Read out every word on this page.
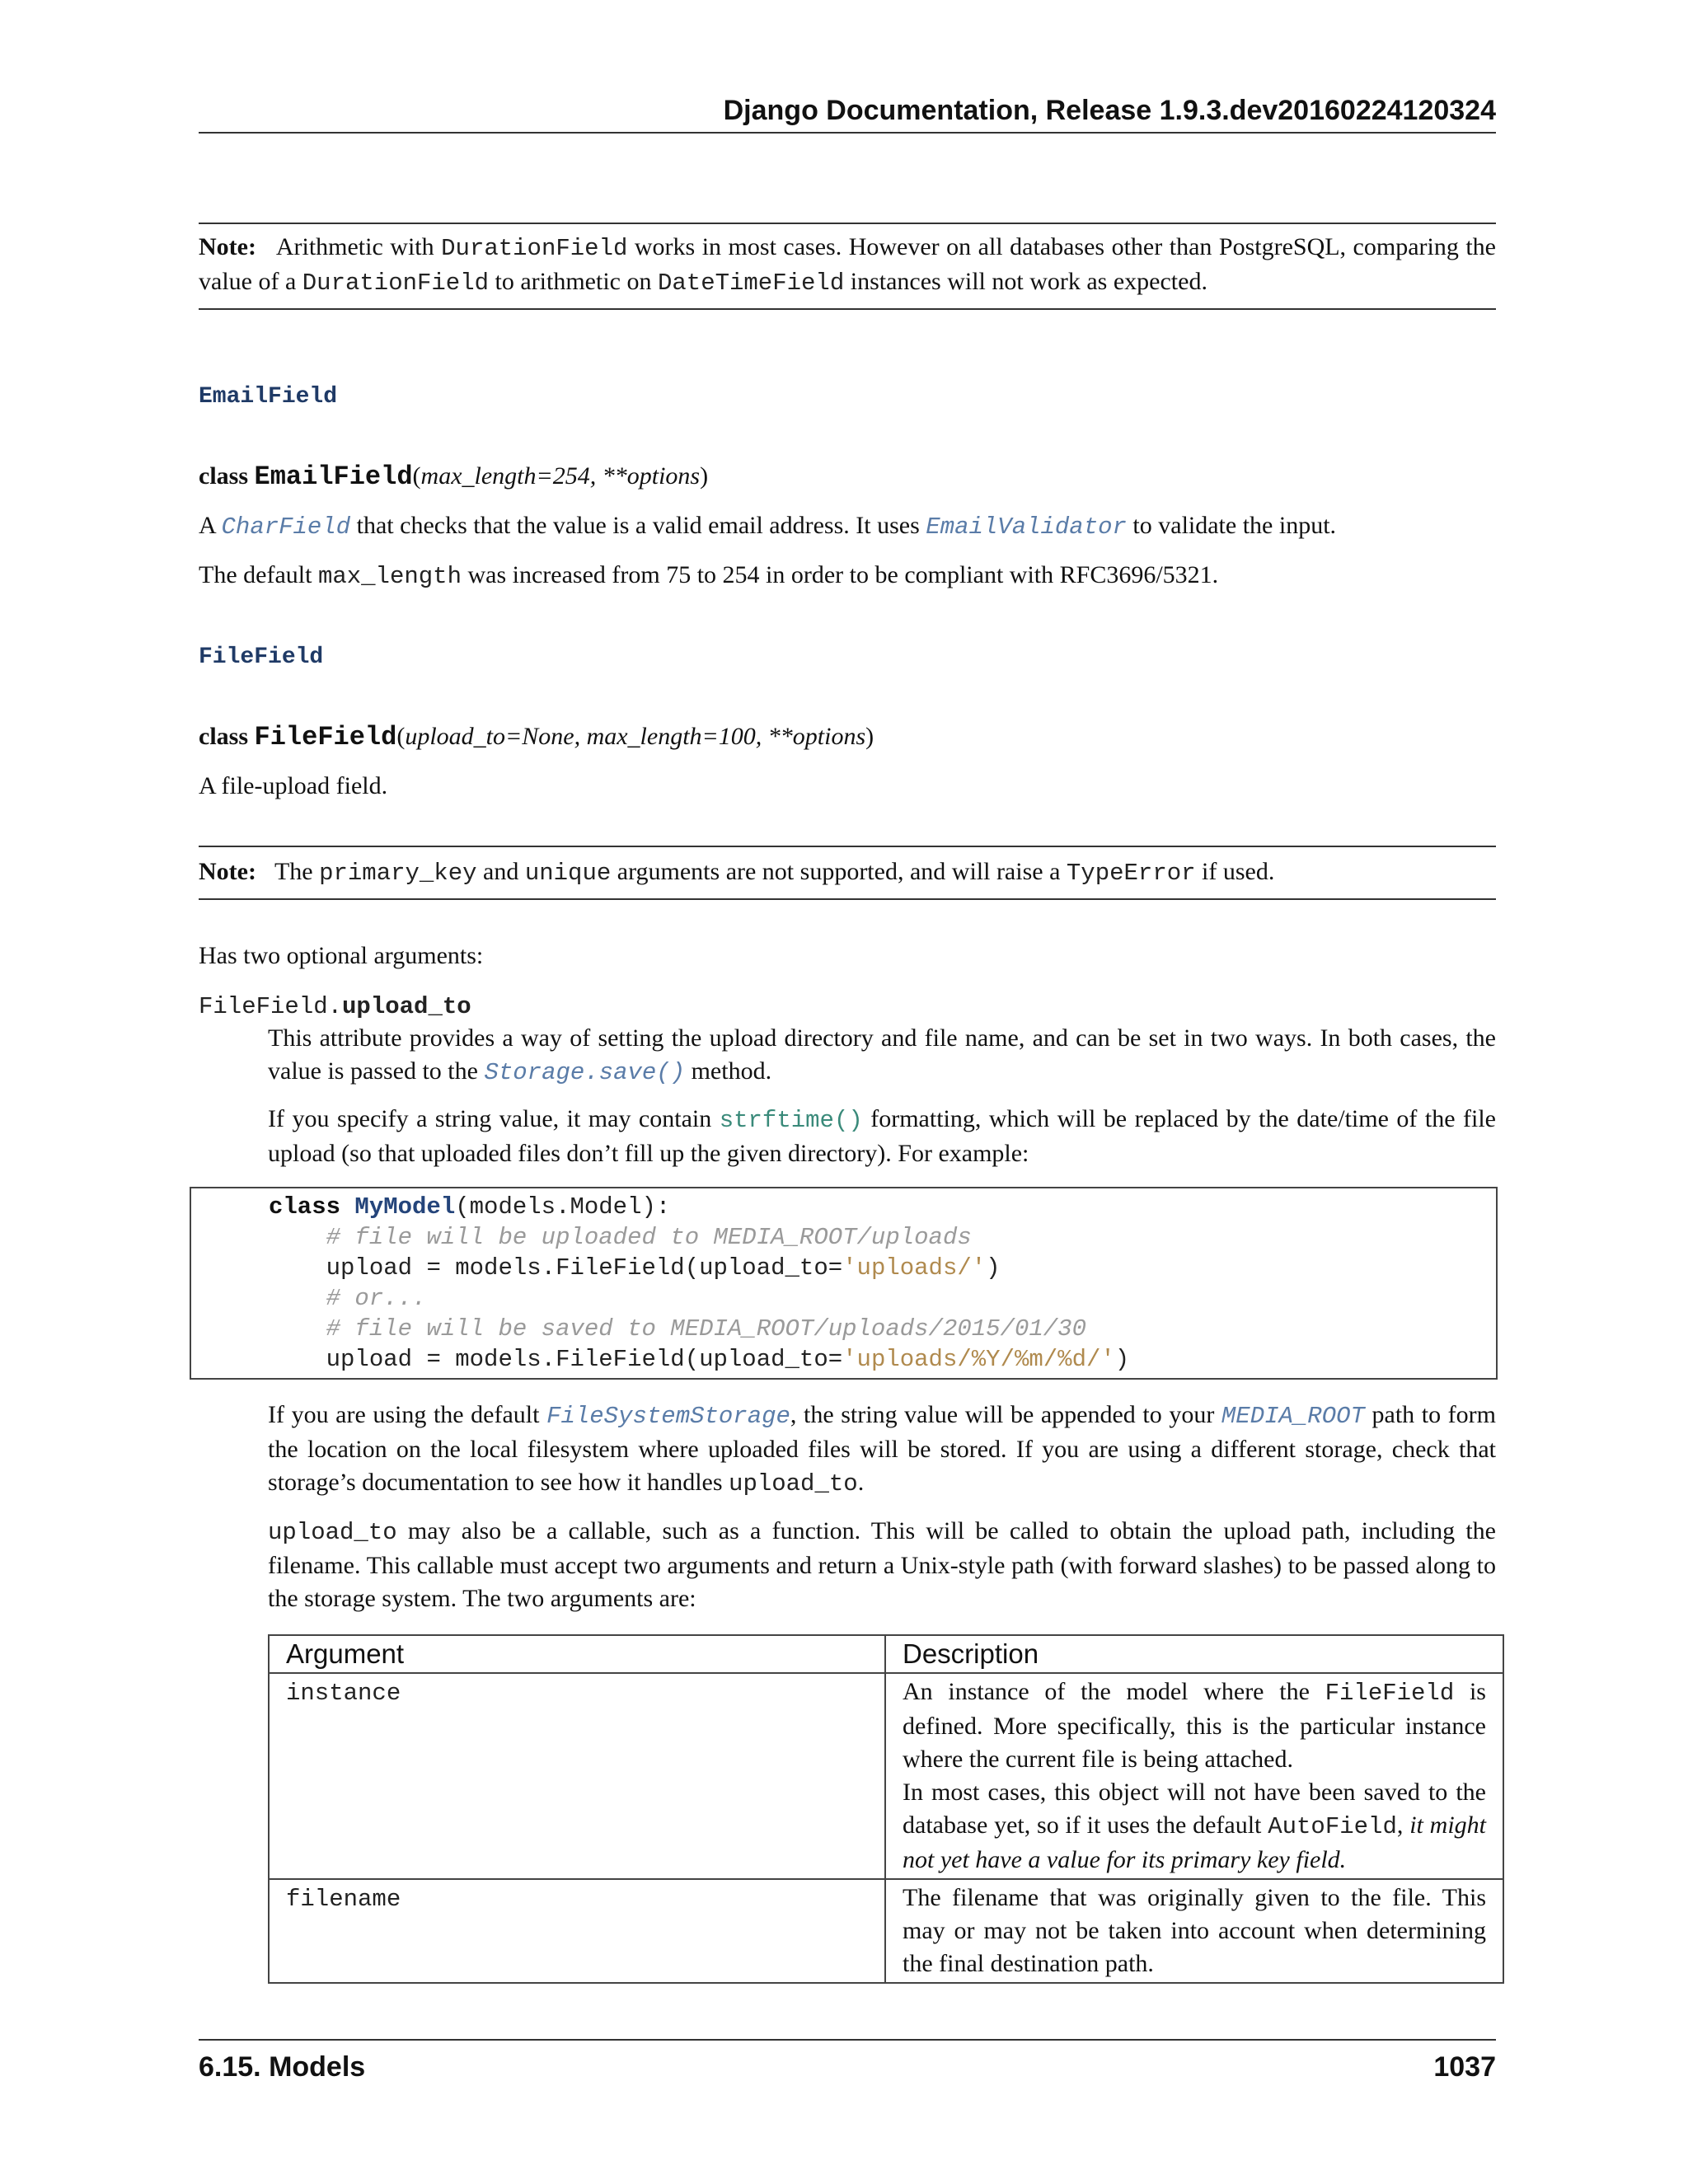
Django Documentation, Release 1.9.3.dev20160224120324
Note: Arithmetic with DurationField works in most cases. However on all databases other than PostgreSQL, comparing the value of a DurationField to arithmetic on DateTimeField instances will not work as expected.
EmailField
class EmailField(max_length=254, **options)
A CharField that checks that the value is a valid email address. It uses EmailValidator to validate the input.
The default max_length was increased from 75 to 254 in order to be compliant with RFC3696/5321.
FileField
class FileField(upload_to=None, max_length=100, **options)
A file-upload field.
Note: The primary_key and unique arguments are not supported, and will raise a TypeError if used.
Has two optional arguments:
FileField.upload_to
This attribute provides a way of setting the upload directory and file name, and can be set in two ways. In both cases, the value is passed to the Storage.save() method.
If you specify a string value, it may contain strftime() formatting, which will be replaced by the date/time of the file upload (so that uploaded files don’t fill up the given directory). For example:
class MyModel(models.Model):
# file will be uploaded to MEDIA_ROOT/uploads
upload = models.FileField(upload_to='uploads/')
# or...
# file will be saved to MEDIA_ROOT/uploads/2015/01/30
upload = models.FileField(upload_to='uploads/%Y/%m/%d/')
If you are using the default FileSystemStorage, the string value will be appended to your MEDIA_ROOT path to form the location on the local filesystem where uploaded files will be stored. If you are using a different storage, check that storage’s documentation to see how it handles upload_to.
upload_to may also be a callable, such as a function. This will be called to obtain the upload path, including the filename. This callable must accept two arguments and return a Unix-style path (with forward slashes) to be passed along to the storage system. The two arguments are:
Argument	Description
instance	An instance of the model where the FileField is defined. More specifically, this is the particular instance where the current file is being attached.
In most cases, this object will not have been saved to the database yet, so if it uses the default AutoField, it might not yet have a value for its primary key field.

filename	The filename that was originally given to the file. This may or may not be taken into account when determining the final destination path.
6.15. Models	1037
